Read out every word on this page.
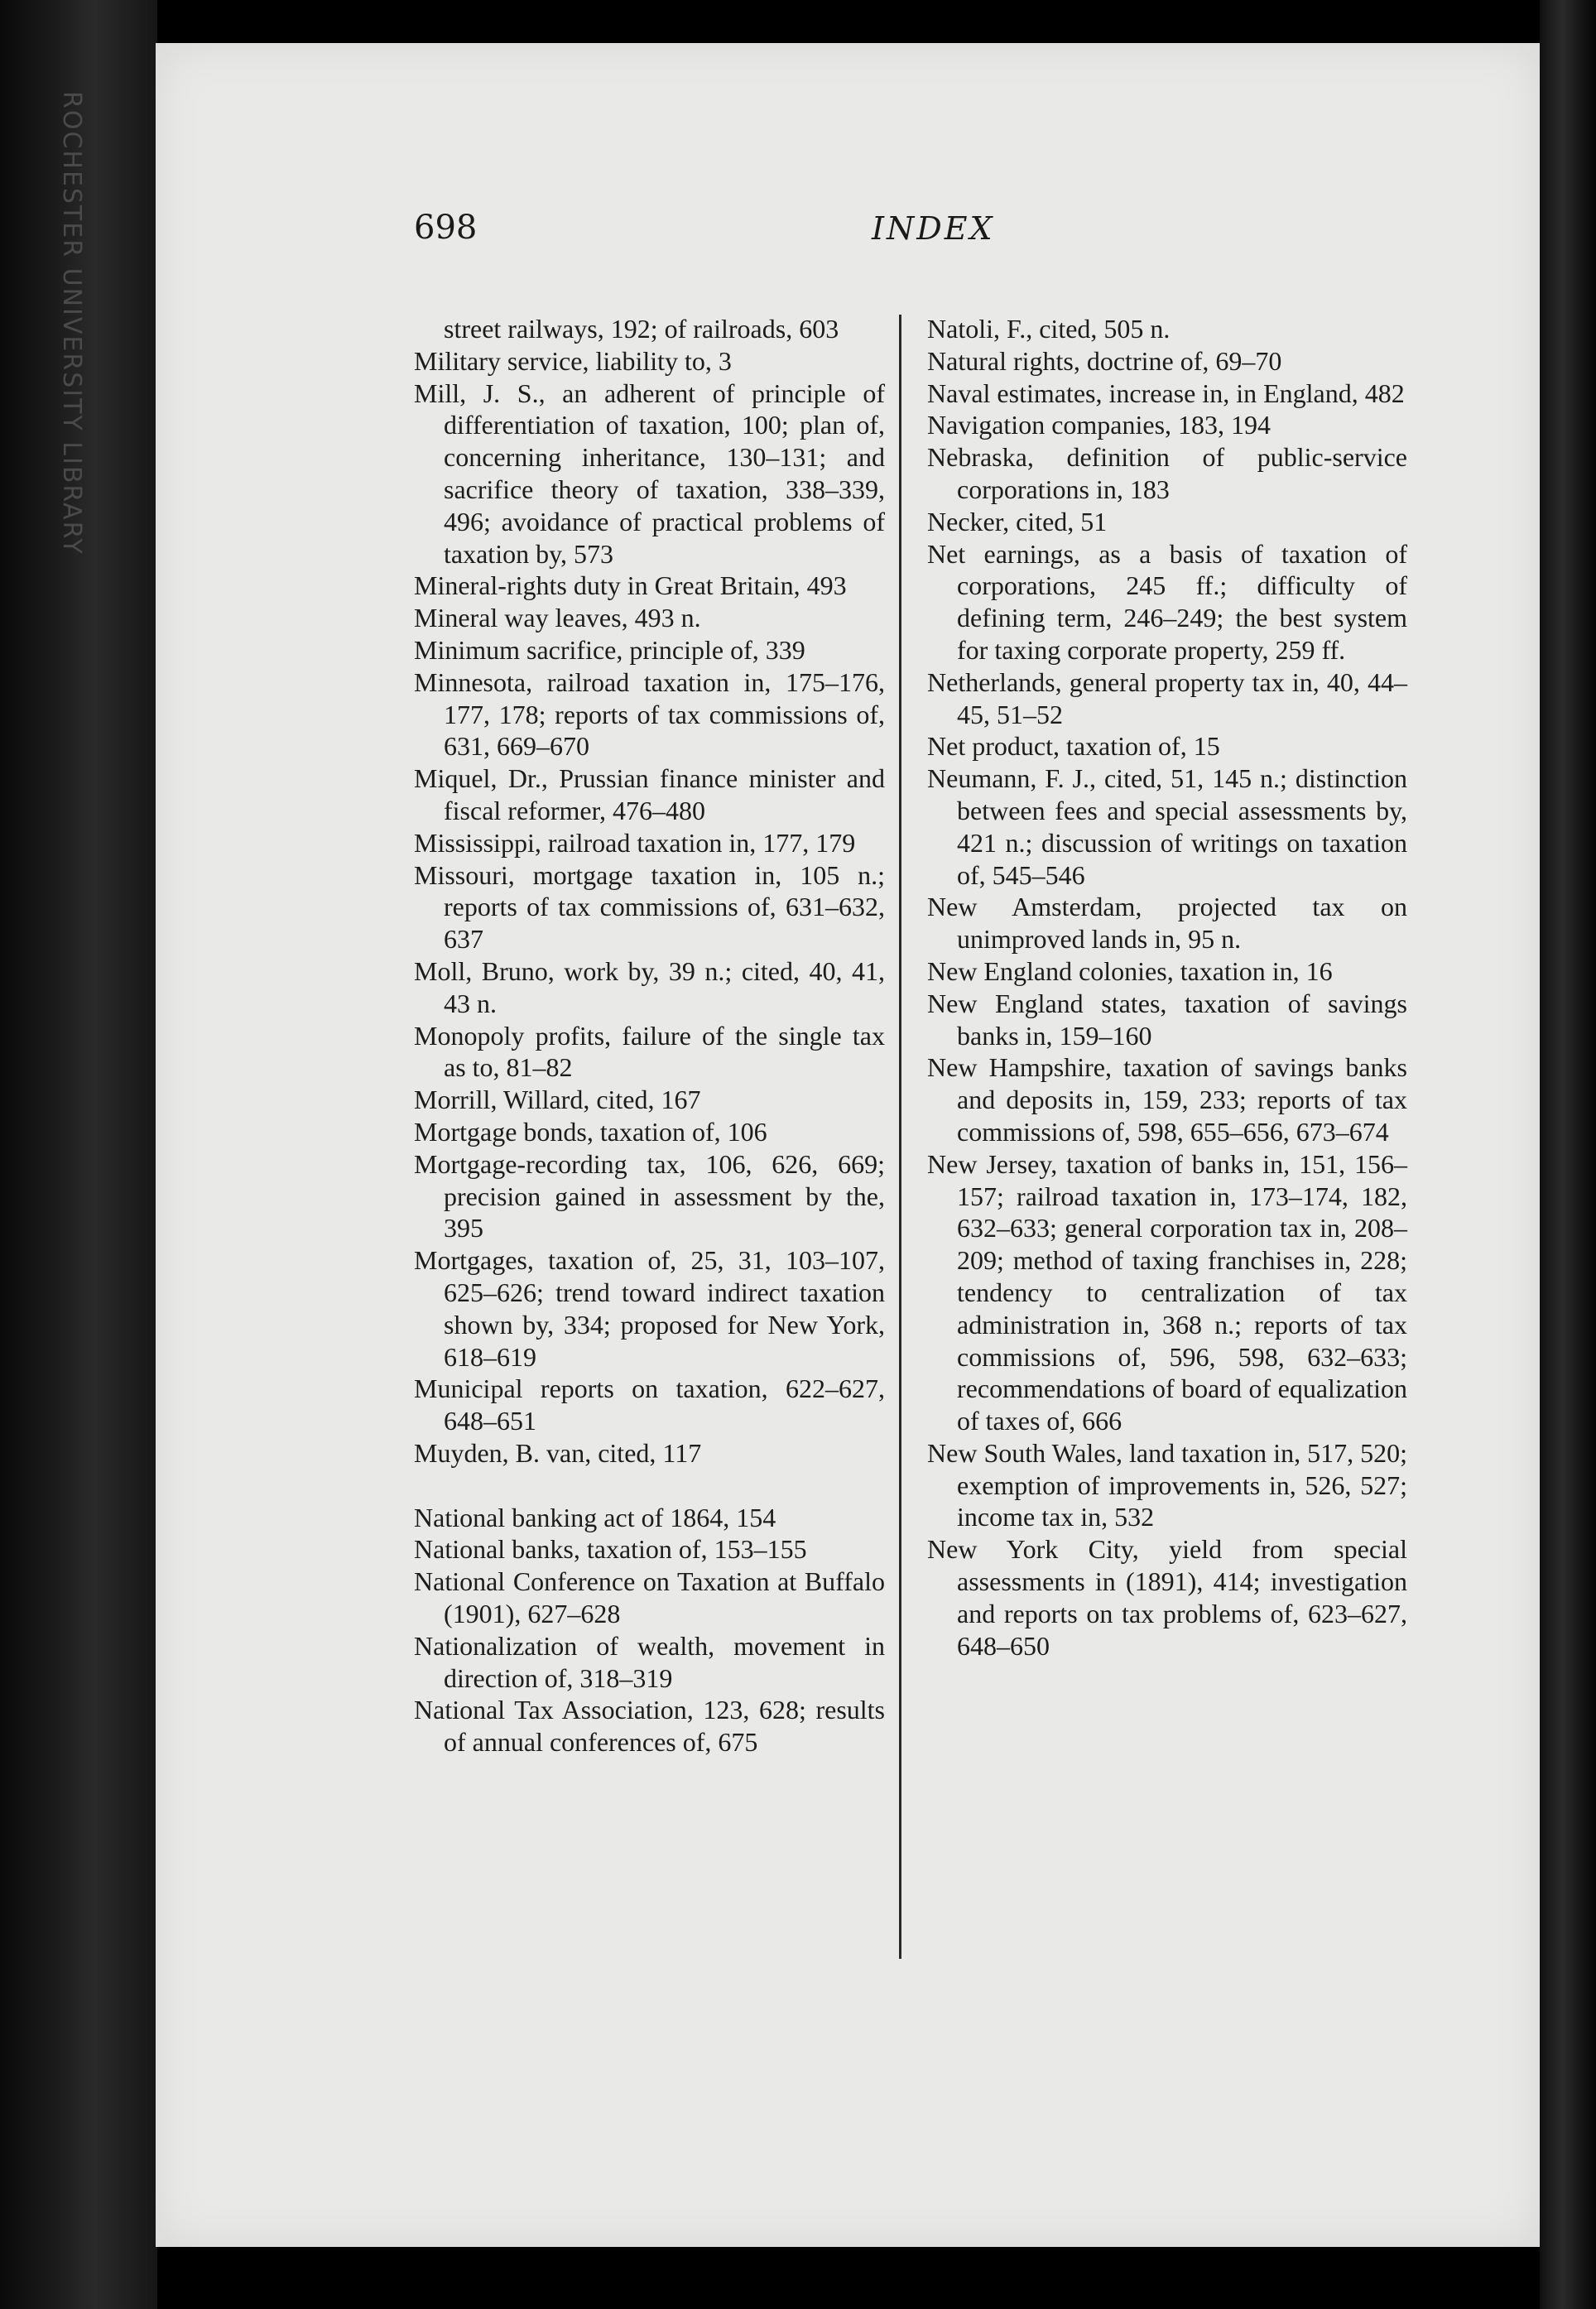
ROCHESTER UNIVERSITY LIBRARY	698	INDEX

street railways, 192; of railroads, 603

Military service, liability to, 3

Mill, J. S., an adherent of principle of differentiation of taxation, 100; plan of, concerning inheritance, 130–131; and sacrifice theory of taxation, 338–339, 496; avoidance of practical problems of taxation by, 573

Mineral-rights duty in Great Britain, 493

Mineral way leaves, 493 n.

Minimum sacrifice, principle of, 339

Minnesota, railroad taxation in, 175–176, 177, 178; reports of tax commissions of, 631, 669–670

Miquel, Dr., Prussian finance minister and fiscal reformer, 476–480

Mississippi, railroad taxation in, 177, 179

Missouri, mortgage taxation in, 105 n.; reports of tax commissions of, 631–632, 637

Moll, Bruno, work by, 39 n.; cited, 40, 41, 43 n.

Monopoly profits, failure of the single tax as to, 81–82

Morrill, Willard, cited, 167

Mortgage bonds, taxation of, 106

Mortgage-recording tax, 106, 626, 669; precision gained in assessment by the, 395

Mortgages, taxation of, 25, 31, 103–107, 625–626; trend toward indirect taxation shown by, 334; proposed for New York, 618–619

Municipal reports on taxation, 622–627, 648–651

Muyden, B. van, cited, 117

National banking act of 1864, 154

National banks, taxation of, 153–155

National Conference on Taxation at Buffalo (1901), 627–628

Nationalization of wealth, movement in direction of, 318–319

National Tax Association, 123, 628; results of annual conferences of, 675

Natoli, F., cited, 505 n.

Natural rights, doctrine of, 69–70

Naval estimates, increase in, in England, 482

Navigation companies, 183, 194

Nebraska, definition of public-service corporations in, 183

Necker, cited, 51

Net earnings, as a basis of taxation of corporations, 245 ff.; difficulty of defining term, 246–249; the best system for taxing corporate property, 259 ff.

Netherlands, general property tax in, 40, 44–45, 51–52

Net product, taxation of, 15

Neumann, F. J., cited, 51, 145 n.; distinction between fees and special assessments by, 421 n.; discussion of writings on taxation of, 545–546

New Amsterdam, projected tax on unimproved lands in, 95 n.

New England colonies, taxation in, 16

New England states, taxation of savings banks in, 159–160

New Hampshire, taxation of savings banks and deposits in, 159, 233; reports of tax commissions of, 598, 655–656, 673–674

New Jersey, taxation of banks in, 151, 156–157; railroad taxation in, 173–174, 182, 632–633; general corporation tax in, 208–209; method of taxing franchises in, 228; tendency to centralization of tax administration in, 368 n.; reports of tax commissions of, 596, 598, 632–633; recommendations of board of equalization of taxes of, 666

New South Wales, land taxation in, 517, 520; exemption of improvements in, 526, 527; income tax in, 532

New York City, yield from special assessments in (1891), 414; investigation and reports on tax problems of, 623–627, 648–650
